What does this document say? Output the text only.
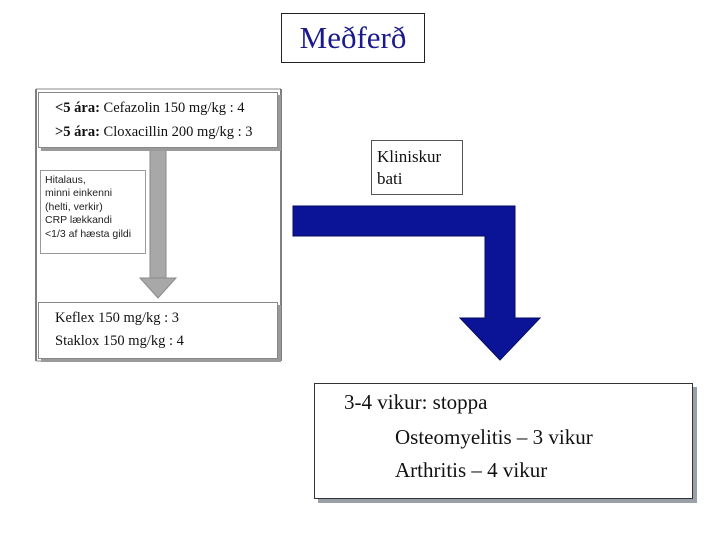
Meðferð
<5 ára: Cefazolin 150 mg/kg : 4
>5 ára: Cloxacillin 200 mg/kg : 3
Hitalaus,
minni einkenni
(helti, verkir)
CRP lækkandi
<1/3 af hæsta gildi
Keflex 150 mg/kg : 3
Staklox 150 mg/kg : 4
Kliniskur
bati
3-4 vikur: stoppa
Osteomyelitis – 3 vikur
Arthritis – 4 vikur
